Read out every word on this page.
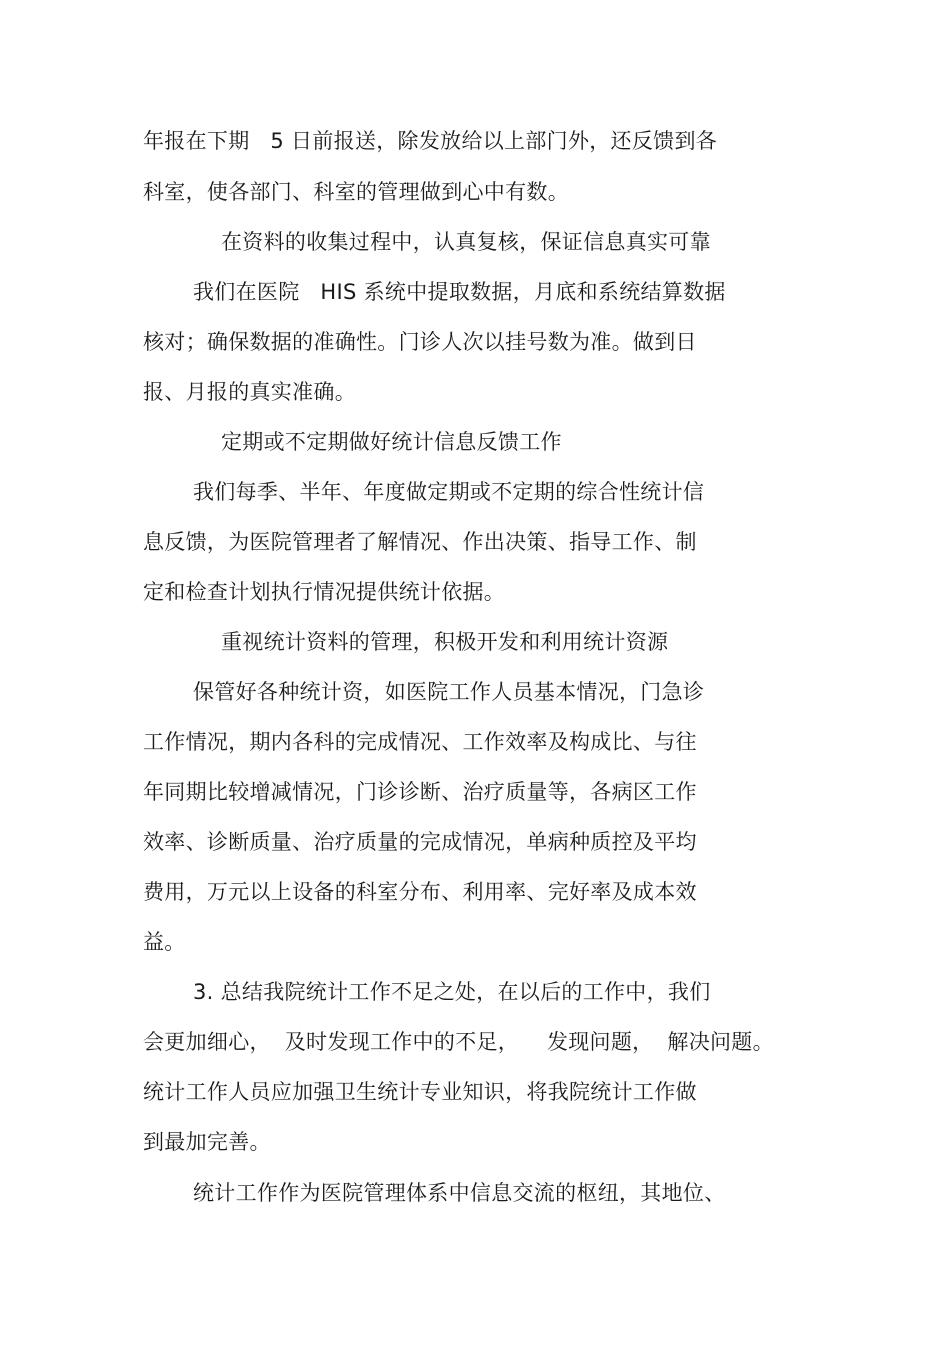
年报在下期   5 日前报送，除发放给以上部门外，还反馈到各
科室，使各部门、科室的管理做到心中有数。
在资料的收集过程中，认真复核，保证信息真实可靠
我们在医院   HIS 系统中提取数据，月底和系统结算数据
核对；确保数据的准确性。门诊人次以挂号数为准。做到日
报、月报的真实准确。
定期或不定期做好统计信息反馈工作
我们每季、半年、年度做定期或不定期的综合性统计信
息反馈，为医院管理者了解情况、作出决策、指导工作、制
定和检查计划执行情况提供统计依据。
重视统计资料的管理，积极开发和利用统计资源
保管好各种统计资，如医院工作人员基本情况，门急诊
工作情况，期内各科的完成情况、工作效率及构成比、与往
年同期比较增减情况，门诊诊断、治疗质量等，各病区工作
效率、诊断质量、治疗质量的完成情况，单病种质控及平均
费用，万元以上设备的科室分布、利用率、完好率及成本效
益。
3. 总结我院统计工作不足之处，在以后的工作中，我们
会更加细心，  及时发现工作中的不足，    发现问题，  解决问题。
统计工作人员应加强卫生统计专业知识，将我院统计工作做
到最加完善。
统计工作作为医院管理体系中信息交流的枢纽，其地位、
